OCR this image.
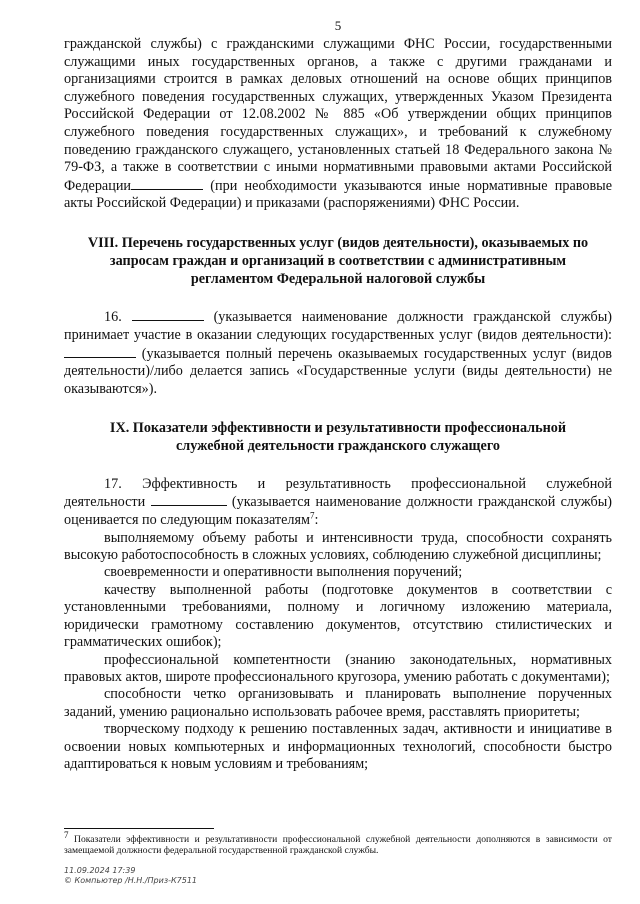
5

гражданской службы) с гражданскими служащими ФНС России, государственными служащими иных государственных органов, а также с другими гражданами и организациями строится в рамках деловых отношений на основе общих принципов служебного поведения государственных служащих, утвержденных Указом Президента Российской Федерации от 12.08.2002 № 885 «Об утверждении общих принципов служебного поведения государственных служащих», и требований к служебному поведению гражданского служащего, установленных статьей 18 Федерального закона № 79-ФЗ, а также в соответствии с иными нормативными правовыми актами Российской Федерации	(при необходимости указываются иные нормативные правовые акты Российской Федерации) и приказами (распоряжениями) ФНС России.

VIII. Перечень государственных услуг (видов деятельности), оказываемых по запросам граждан и организаций в соответствии с административным регламентом Федеральной налоговой службы

16.	(указывается наименование должности гражданской службы) принимает участие в оказании следующих государственных услуг (видов деятельности):  (указывается полный перечень оказываемых государственных услуг (видов деятельности)/либо делается запись «Государственные услуги (виды деятельности) не оказываются»).

IX. Показатели эффективности и результативности профессиональной служебной деятельности гражданского служащего

17. Эффективность и результативность профессиональной служебной деятельности	(указывается наименование должности гражданской службы) оценивается по следующим показателям$^7$:

выполняемому объему работы и интенсивности труда, способности сохранять высокую работоспособность в сложных условиях, соблюдению служебной дисциплины;

своевременности и оперативности выполнения поручений;

качеству выполненной работы (подготовке документов в соответствии с установленными требованиями, полному и логичному изложению материала, юридически грамотному составлению документов, отсутствию стилистических и грамматических ошибок);

профессиональной компетентности (знанию законодательных, нормативных правовых актов, широте профессионального кругозора, умению работать с документами);

способности четко организовывать и планировать выполнение порученных заданий, умению рационально использовать рабочее время, расставлять приоритеты;

творческому подходу к решению поставленных задач, активности и инициативе в освоении новых компьютерных и информационных технологий, способности быстро адаптироваться к новым условиям и требованиям;

$^7$ Показатели эффективности и результативности профессиональной служебной деятельности дополняются в зависимости от замещаемой должности федеральной государственной гражданской службы.

11.09.2024 17:39
© Компьютер /Н.Н./Приз-К7511
